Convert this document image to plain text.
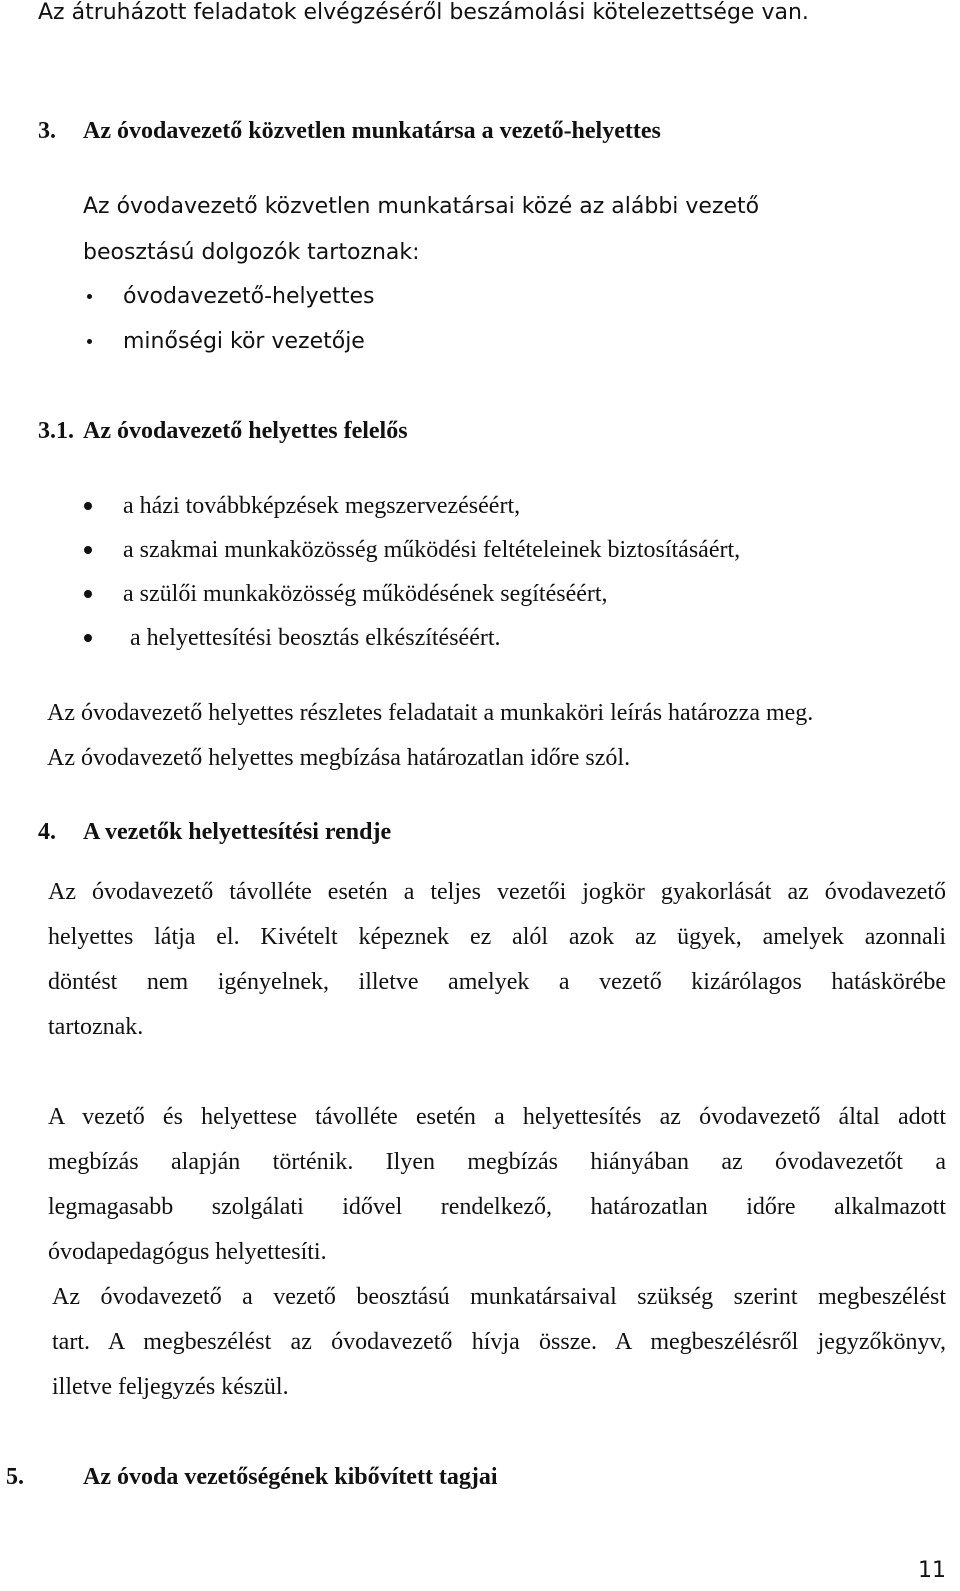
Az átruházott feladatok elvégzéséről beszámolási kötelezettsége van.
3. Az óvodavezető közvetlen munkatársa a vezető-helyettes
Az óvodavezető közvetlen munkatársai közé az alábbi vezető
beosztású dolgozók tartoznak:
óvodavezető-helyettes
minőségi kör vezetője
3.1. Az óvodavezető helyettes felelős
a házi továbbképzések megszervezéséért,
a szakmai munkaközösség működési feltételeinek biztosításáért,
a szülői munkaközösség működésének segítéséért,
a helyettesítési beosztás elkészítéséért.
Az óvodavezető helyettes részletes feladatait a munkaköri leírás határozza meg.
Az óvodavezető helyettes megbízása határozatlan időre szól.
4. A vezetők helyettesítési rendje
Az óvodavezető távolléte esetén a teljes vezetői jogkör gyakorlását az óvodavezető
helyettes látja el. Kivételt képeznek ez alól azok az ügyek, amelyek azonnali
döntést nem igényelnek, illetve amelyek a vezető kizárólagos hatáskörébe
tartoznak.
A vezető és helyettese távolléte esetén a helyettesítés az óvodavezető által adott
megbízás alapján történik. Ilyen megbízás hiányában az óvodavezetőt a
legmagasabb szolgálati idővel rendelkező, határozatlan időre alkalmazott
óvodapedagógus helyettesíti.
Az óvodavezető a vezető beosztású munkatársaival szükség szerint megbeszélést
tart. A megbeszélést az óvodavezető hívja össze. A megbeszélésről jegyzőkönyv,
illetve feljegyzés készül.
5. Az óvoda vezetőségének kibővített tagjai
11
